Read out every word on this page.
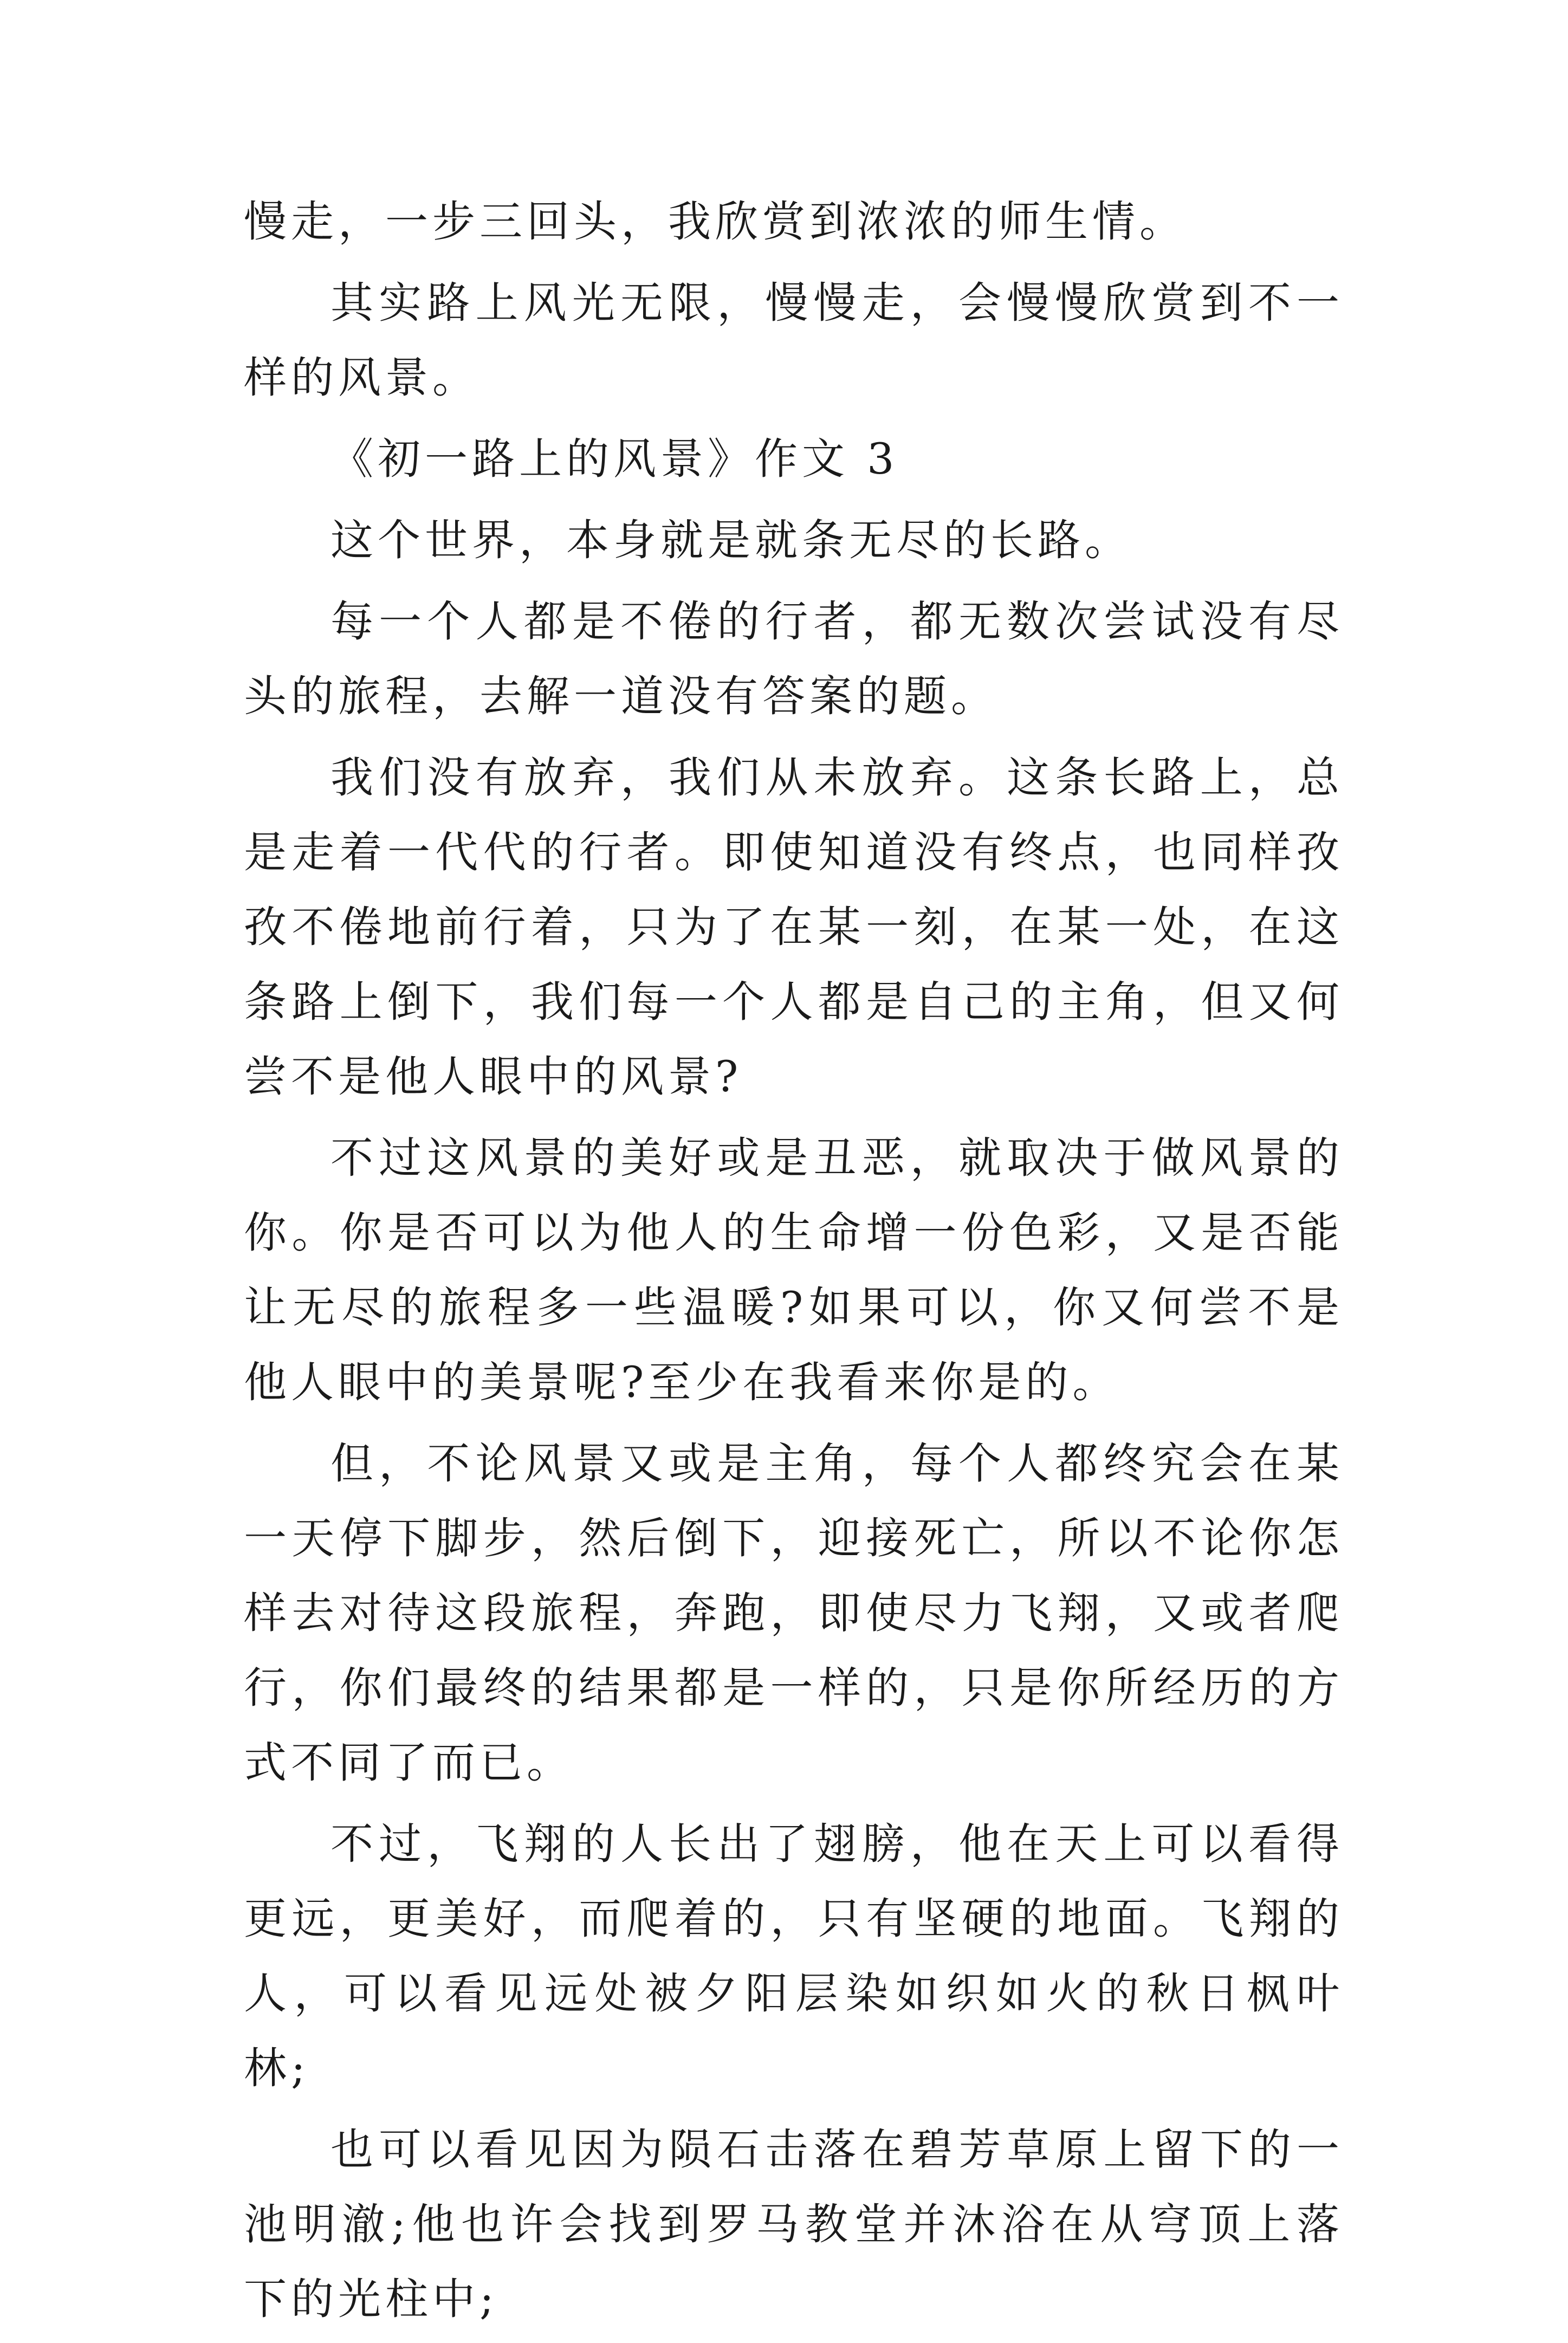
慢走，一步三回头，我欣赏到浓浓的师生情。

其实路上风光无限，慢慢走，会慢慢欣赏到不一样的风景。

《初一路上的风景》作文 3

这个世界，本身就是就条无尽的长路。

每一个人都是不倦的行者，都无数次尝试没有尽头的旅程，去解一道没有答案的题。

我们没有放弃，我们从未放弃。这条长路上，总是走着一代代的行者。即使知道没有终点，也同样孜孜不倦地前行着，只为了在某一刻，在某一处，在这条路上倒下，我们每一个人都是自己的主角，但又何尝不是他人眼中的风景?

不过这风景的美好或是丑恶，就取决于做风景的你。你是否可以为他人的生命增一份色彩，又是否能让无尽的旅程多一些温暖?如果可以，你又何尝不是他人眼中的美景呢?至少在我看来你是的。

但，不论风景又或是主角，每个人都终究会在某一天停下脚步，然后倒下，迎接死亡，所以不论你怎样去对待这段旅程，奔跑，即使尽力飞翔，又或者爬行，你们最终的结果都是一样的，只是你所经历的方式不同了而已。

不过，飞翔的人长出了翅膀，他在天上可以看得更远，更美好，而爬着的，只有坚硬的地面。飞翔的人，可以看见远处被夕阳层染如织如火的秋日枫叶林;

也可以看见因为陨石击落在碧芳草原上留下的一池明澈;他也许会找到罗马教堂并沐浴在从穹顶上落下的光柱中;
